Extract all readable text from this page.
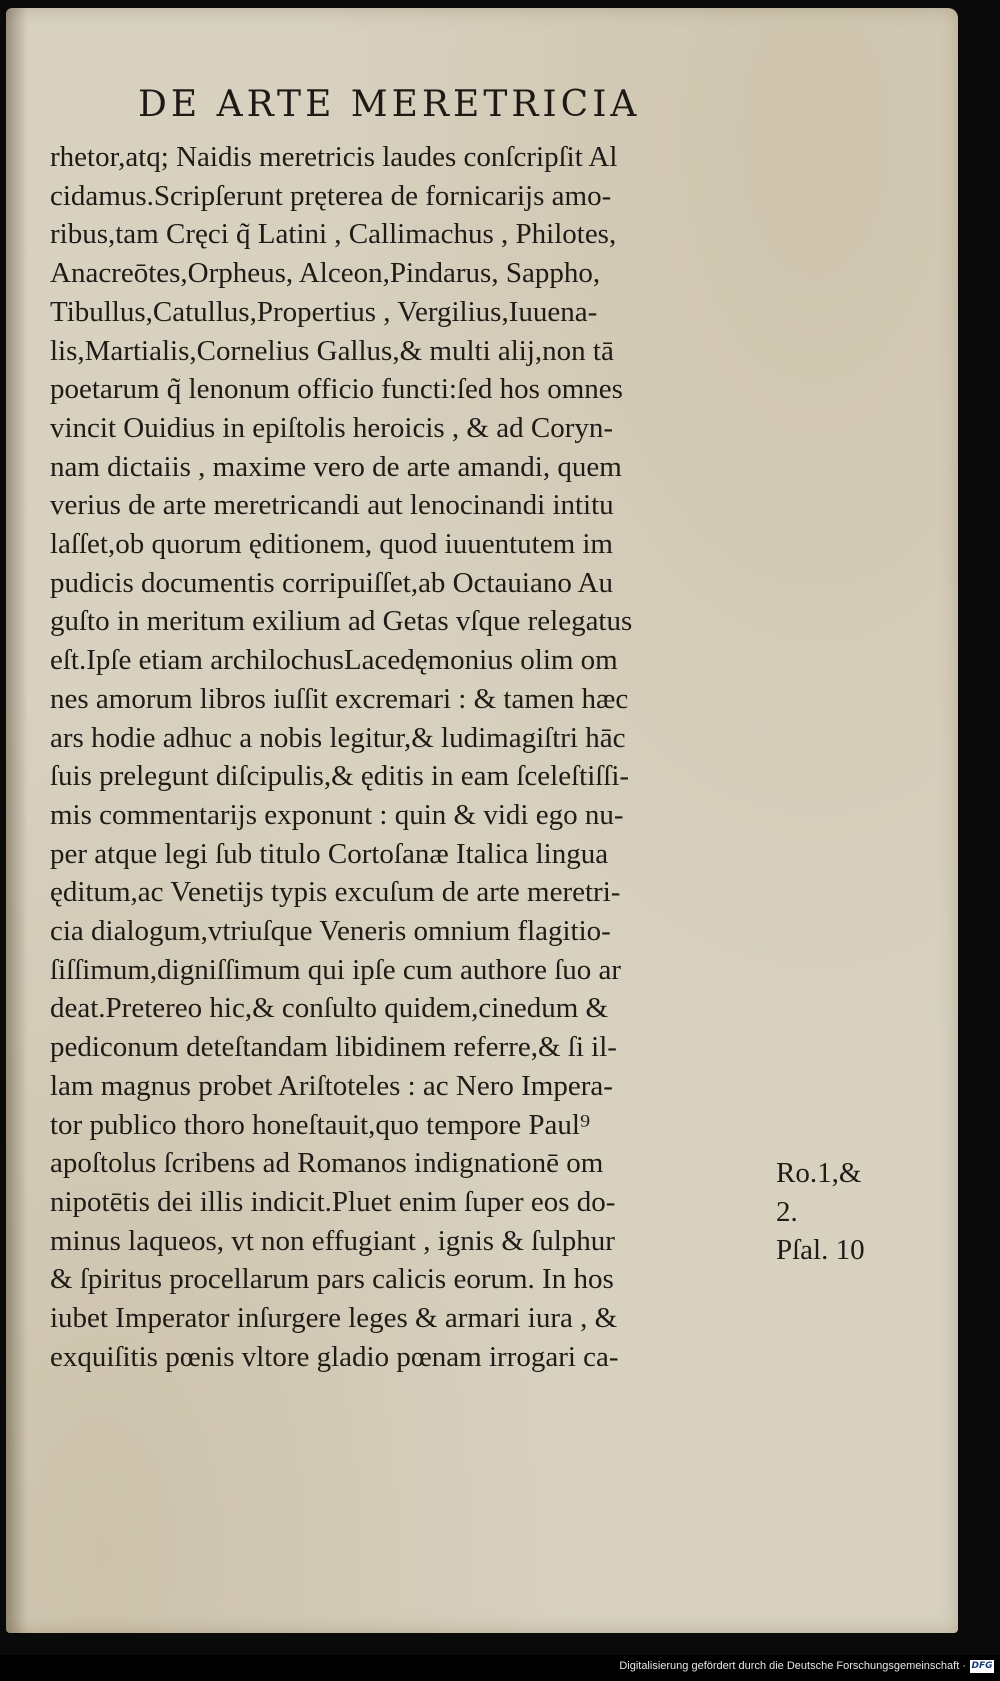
DE ARTE MERETRICIA
rhetor,atq; Naidis meretricis laudes conſcripſit Al
cidamus.Scripſerunt pręterea de fornicarijs amo-
ribus,tam Cręci q̃ Latini , Callimachus , Philotes,
Anacreōtes,Orpheus, Alceon,Pindarus, Sappho,
Tibullus,Catullus,Propertius , Vergilius,Iuuena-
lis,Martialis,Cornelius Gallus,& multi alij,non tā
poetarum q̃ lenonum officio functi:ſed hos omnes
vincit Ouidius in epiſtolis heroicis , & ad Coryn-
nam dictaiis , maxime vero de arte amandi, quem
verius de arte meretricandi aut lenocinandi intitu
laſſet,ob quorum ęditionem, quod iuuentutem im
pudicis documentis corripuiſſet,ab Octauiano Au
guſto in meritum exilium ad Getas vſque relegatus
eſt.Ipſe etiam archilochusLacedęmonius olim om
nes amorum libros iuſſit excremari : & tamen hæc
ars hodie adhuc a nobis legitur,& ludimagiſtri hāc
ſuis prelegunt diſcipulis,& ęditis in eam ſceleſtiſſi-
mis commentarijs exponunt : quin & vidi ego nu-
per atque legi ſub titulo Cortoſanæ Italica lingua
ęditum,ac Venetijs typis excuſum de arte meretri-
cia dialogum,vtriuſque Veneris omnium flagitio-
ſiſſimum,digniſſimum qui ipſe cum authore ſuo ar
deat.Pretereo hic,& conſulto quidem,cinedum &
pediconum deteſtandam libidinem referre,& ſi il-
lam magnus probet Ariſtoteles : ac Nero Impera-
tor publico thoro honeſtauit,quo tempore Paul⁹
apoſtolus ſcribens ad Romanos indignationē om
nipotētis dei illis indicit.Pluet enim ſuper eos do-
minus laqueos, vt non effugiant , ignis & ſulphur
& ſpiritus procellarum pars calicis eorum. In hos
iubet Imperator inſurgere leges & armari iura , &
exquiſitis pœnis vltore gladio pœnam irrogari ca-
Ro.1,&
2.
Pſal. 10
Digitalisierung gefördert durch die Deutsche Forschungsgemeinschaft · DFG
